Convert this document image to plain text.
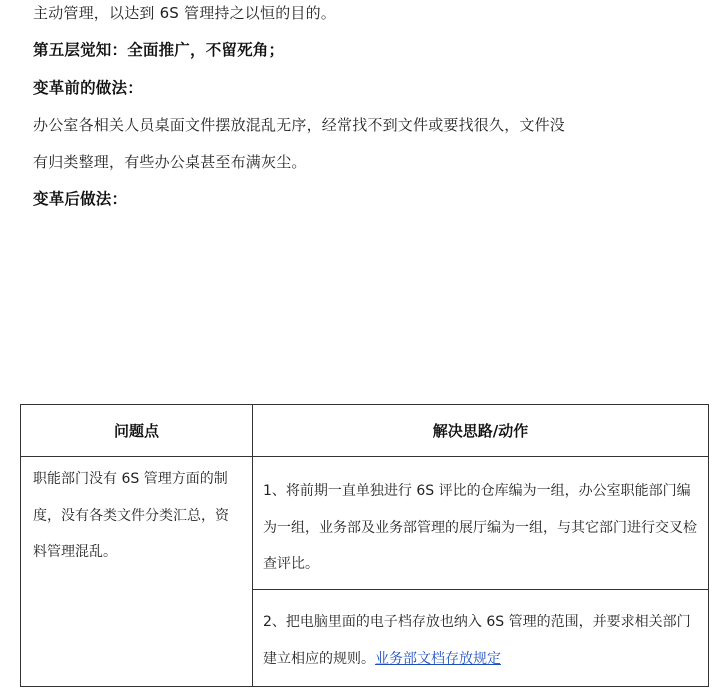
主动管理，以达到 6S 管理持之以恒的目的。
第五层觉知：全面推广，不留死角；
变革前的做法：
办公室各相关人员桌面文件摆放混乱无序，经常找不到文件或要找很久，文件没
有归类整理，有些办公桌甚至布满灰尘。
变革后做法：
问题点	解决思路/动作

职能部门没有 6S 管理方面的制度，没有各类文件分类汇总，资料管理混乱。	1、将前期一直单独进行 6S 评比的仓库编为一组，办公室职能部门编为一组，业务部及业务部管理的展厅编为一组，与其它部门进行交叉检查评比。

	2、把电脑里面的电子档存放也纳入 6S 管理的范围，并要求相关部门建立相应的规则。业务部文档存放规定
